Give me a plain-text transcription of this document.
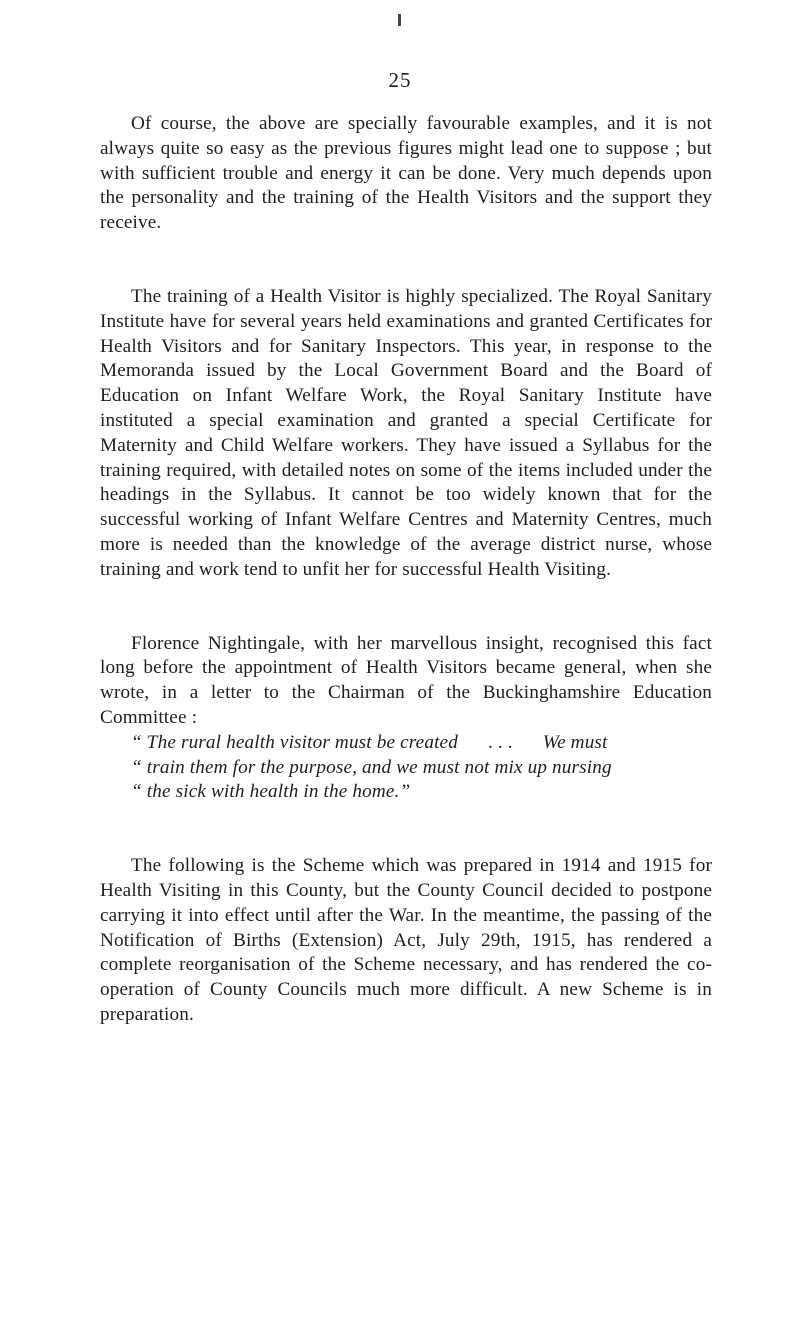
25

Of course, the above are specially favourable examples, and it is not always quite so easy as the previous figures might lead one to suppose ; but with sufficient trouble and energy it can be done. Very much depends upon the personality and the training of the Health Visitors and the support they receive.

The training of a Health Visitor is highly specialized. The Royal Sanitary Institute have for several years held examinations and granted Certificates for Health Visitors and for Sanitary Inspectors. This year, in response to the Memoranda issued by the Local Government Board and the Board of Education on Infant Welfare Work, the Royal Sanitary Institute have instituted a special examination and granted a special Certificate for Maternity and Child Welfare workers. They have issued a Syllabus for the training required, with detailed notes on some of the items included under the headings in the Syllabus. It cannot be too widely known that for the successful working of Infant Welfare Centres and Maternity Centres, much more is needed than the knowledge of the average district nurse, whose training and work tend to unfit her for successful Health Visiting.

Florence Nightingale, with her marvellous insight, recognised this fact long before the appointment of Health Visitors became general, when she wrote, in a letter to the Chairman of the Buckinghamshire Education Committee :
“ The rural health visitor must be created . . . We must
“ train them for the purpose, and we must not mix up nursing
“ the sick with health in the home.”

The following is the Scheme which was prepared in 1914 and 1915 for Health Visiting in this County, but the County Council decided to postpone carrying it into effect until after the War. In the meantime, the passing of the Notification of Births (Extension) Act, July 29th, 1915, has rendered a complete reorganisation of the Scheme necessary, and has rendered the co-operation of County Councils much more difficult. A new Scheme is in preparation.
